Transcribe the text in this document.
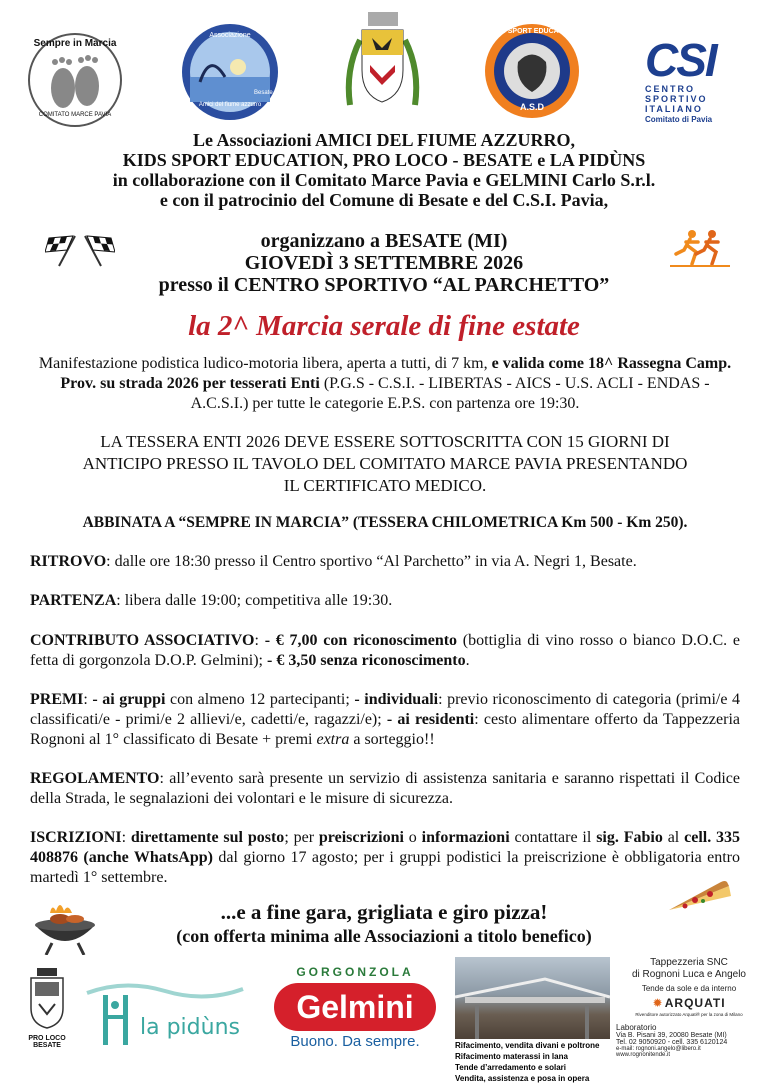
Sempre in Marcia
COMITATO MARCE PAVIA
Associazione
Amici del fiume azzurro
Besate
KIDS SPORT EDUCATION
A.S.D
CSI
CENTRO
SPORTIVO
ITALIANO
Comitato di Pavia
Le Associazioni AMICI DEL FIUME AZZURRO,
KIDS SPORT EDUCATION, PRO LOCO - BESATE e LA PIDÙNS
in collaborazione con il Comitato Marce Pavia e GELMINI Carlo S.r.l.
e con il patrocinio del Comune di Besate e del C.S.I. Pavia,
organizzano a BESATE (MI)
GIOVEDÌ 3 SETTEMBRE 2026
presso il CENTRO SPORTIVO “AL PARCHETTO”
la 2^ Marcia serale di fine estate
Manifestazione podistica ludico-motoria libera, aperta a tutti, di 7 km, e valida come 18^ Rassegna Camp. Prov. su strada 2026 per tesserati Enti (P.G.S - C.S.I. - LIBERTAS - AICS - U.S. ACLI - ENDAS - A.C.S.I.) per tutte le categorie E.P.S. con partenza ore 19:30.
LA TESSERA ENTI 2026 DEVE ESSERE SOTTOSCRITTA CON 15 GIORNI DI
ANTICIPO PRESSO IL TAVOLO DEL COMITATO MARCE PAVIA PRESENTANDO
IL CERTIFICATO MEDICO.
ABBINATA A “SEMPRE IN MARCIA” (TESSERA CHILOMETRICA Km 500 - Km 250).
RITROVO: dalle ore 18:30 presso il Centro sportivo “Al Parchetto” in via A. Negri 1, Besate.
PARTENZA: libera dalle 19:00; competitiva alle 19:30.
CONTRIBUTO ASSOCIATIVO: - € 7,00 con riconoscimento (bottiglia di vino rosso o bianco D.O.C. e fetta di gorgonzola D.O.P. Gelmini); - € 3,50 senza riconoscimento.
PREMI: - ai gruppi con almeno 12 partecipanti; - individuali: previo riconoscimento di categoria (primi/e 4 classificati/e - primi/e 2 allievi/e, cadetti/e, ragazzi/e); - ai residenti: cesto alimentare offerto da Tappezzeria Rognoni al 1° classificato di Besate + premi extra a sorteggio!!
REGOLAMENTO: all’evento sarà presente un servizio di assistenza sanitaria e saranno rispettati il Codice della Strada, le segnalazioni dei volontari e le misure di sicurezza.
ISCRIZIONI: direttamente sul posto; per preiscrizioni o informazioni contattare il sig. Fabio al cell. 335 408876 (anche WhatsApp) dal giorno 17 agosto; per i gruppi podistici la preiscrizione è obbligatoria entro martedì 1° settembre.
...e a fine gara, grigliata e giro pizza!
(con offerta minima alle Associazioni a titolo benefico)
PRO LOCO
BESATE
la pidùns
GORGONZOLA
Gelmini
Buono. Da sempre.	Rifacimento, vendita divani e poltrone
Rifacimento materassi in lana
Tende d’arredamento e solari
Vendita, assistenza e posa in opera
Tappezzeria SNC
di Rognoni Luca e Angelo
Tende da sole e da interno
✹ ARQUATI
Rivenditore autorizzato Arquati® per la zona di Milano
Laboratorio
Via B. Pisani 39, 20080 Besate (MI)
Tel. 02 9050920 - cell. 335 6120124
e-mail: rognoni.angelo@libero.it
www.rognonitende.it
